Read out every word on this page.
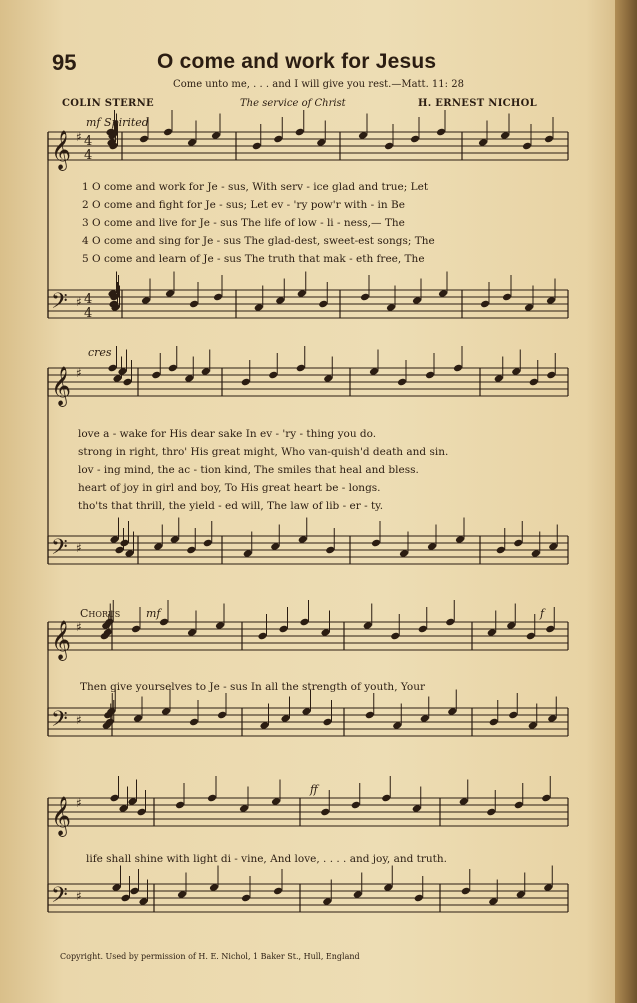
95	O come and work for Jesus
Come unto me, . . . and I will give you rest.—Matt. 11: 28
COLIN STERNE	The service of Christ	H. ERNEST NICHOL
𝄞
𝄢
♯
♯
4
4
4
4
𝄞
𝄢
♯
♯
𝄞
𝄢
♯
♯
𝄞
𝄢
♯
♯
mf Spirited
cres
Chorus mf	f
ff
1 O come and work for Je - sus, With serv - ice glad and true; Let
2 O come and fight for Je - sus; Let ev - 'ry pow'r with - in Be
3 O come and live for Je - sus The life of low - li - ness,— The
4 O come and sing for Je - sus The glad-dest, sweet-est songs; The
5 O come and learn of Je - sus The truth that mak - eth free, The
love a - wake for His dear sake In ev - 'ry - thing you do.
strong in right, thro' His great might, Who van-quish'd death and sin.
lov - ing mind, the ac - tion kind, The smiles that heal and bless.
heart of joy in girl and boy, To His great heart be - longs.
tho'ts that thrill, the yield - ed will, The law of lib - er - ty.
Then give yourselves to Je - sus In all the strength of youth, Your
life shall shine with light di - vine, And love, . . . . and joy, and truth.
Copyright. Used by permission of H. E. Nichol, 1 Baker St., Hull, England
